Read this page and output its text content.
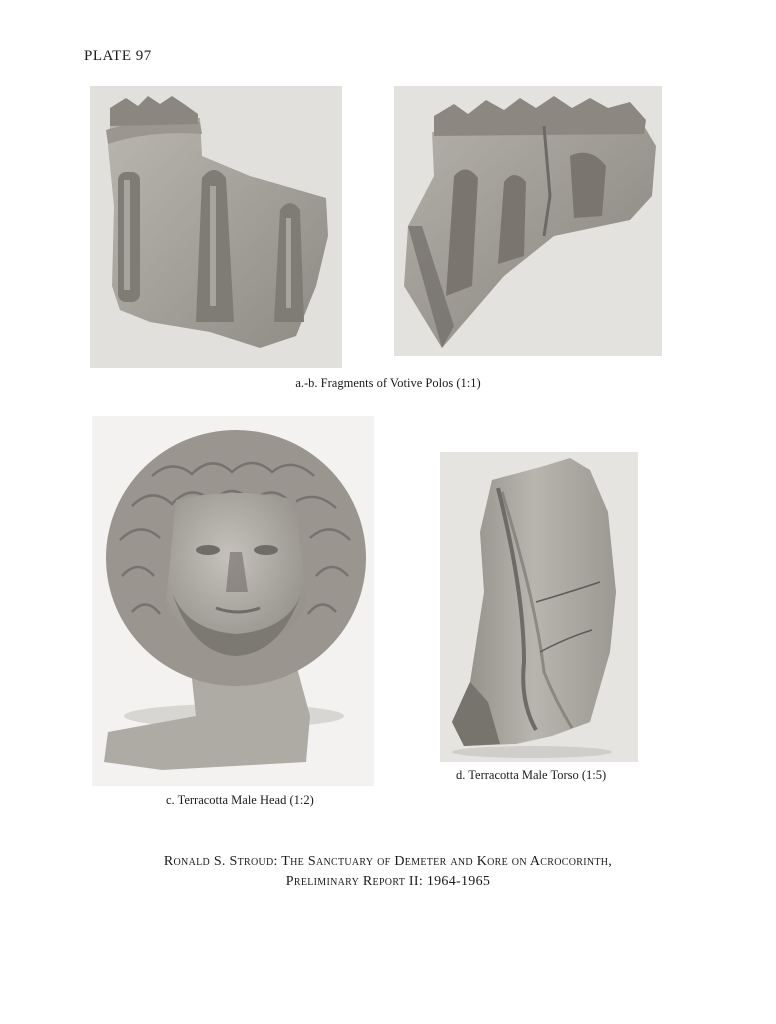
PLATE 97
a.-b. Fragments of Votive Polos (1:1)
c. Terracotta Male Head (1:2)
d. Terracotta Male Torso (1:5)
Ronald S. Stroud: The Sanctuary of Demeter and Kore on Acrocorinth,
Preliminary Report II: 1964-1965
